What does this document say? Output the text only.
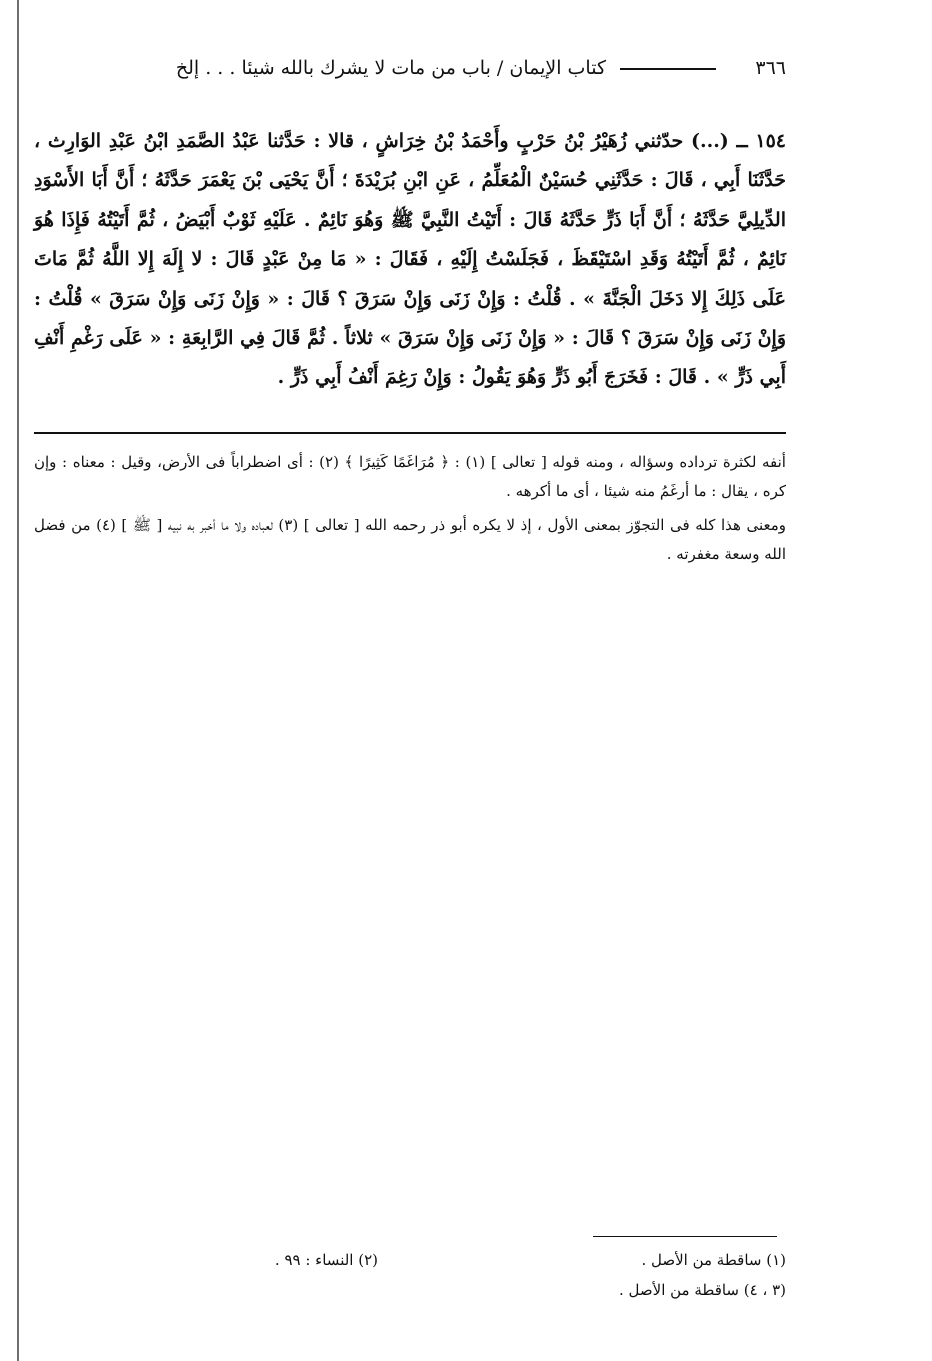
٣٦٦
كتاب الإيمان / باب من مات لا يشرك بالله شيئا . . . إلخ
١٥٤ ــ (...) حدّثني زُهَيْرُ بْنُ حَرْبٍ وأَحْمَدُ بْنُ خِرَاشٍ ، قالا : حَدَّثنا عَبْدُ الصَّمَدِ ابْنُ عَبْدِ الوَارِث ، حَدَّثَنَا أَبِي ، قَالَ : حَدَّثَنِي حُسَيْنٌ الْمُعَلِّمُ ، عَنِ ابْنِ بُرَيْدَةَ ؛ أَنَّ يَحْيَى بْنَ يَعْمَرَ حَدَّثَهُ ؛ أَنَّ أَبَا الأَسْوَدِ الدِّيلِيَّ حَدَّثَهُ ؛ أَنَّ أَبَا ذَرٍّ حَدَّثَهُ قَالَ : أَتَيْتُ النَّبِيَّ ﷺ وَهُوَ نَائِمٌ . عَلَيْهِ ثَوْبٌ أَبْيَضُ ، ثُمَّ أَتَيْتُهُ فَإِذَا هُوَ نَائِمٌ ، ثُمَّ أَتَيْتُهُ وَقَدِ اسْتَيْقَظَ ، فَجَلَسْتُ إِلَيْهِ ، فَقَالَ : « مَا مِنْ عَبْدٍ قَالَ : لا إِلَهَ إِلا اللَّهُ ثُمَّ مَاتَ عَلَى ذَلِكَ إِلا دَخَلَ الْجَنَّةَ » . قُلْتُ : وَإِنْ زَنَى وَإِنْ سَرَقَ ؟ قَالَ : « وَإِنْ زَنَى وَإِنْ سَرَقَ » قُلْتُ : وَإِنْ زَنَى وَإِنْ سَرَقَ ؟ قَالَ : « وَإِنْ زَنَى وَإِنْ سَرَقَ » ثلاثاً . ثُمَّ قَالَ فِي الرَّابِعَةِ : « عَلَى رَغْمِ أَنْفِ أَبِي ذَرٍّ » . قَالَ : فَخَرَجَ أَبُو ذَرٍّ وَهُوَ يَقُولُ : وَإِنْ رَغِمَ أَنْفُ أَبِي ذَرٍّ .

أنفه لكثرة ترداده وسؤاله ، ومنه قوله [ تعالى ] (١) : ﴿ مُرَاغَمًا كَثِيرًا ﴾ (٢) : أى اضطراباً فى الأرض، وقيل : معناه : وإن كره ، يقال : ما أرغَمُ منه شيئا ، أى ما أكرهه .

ومعنى هذا كله فى التجوّز بمعنى الأول ، إذ لا يكره أبو ذر رحمه الله [ تعالى ] (٣) لعباده ولا ما أخبر به نبيه [ ﷺ ] (٤) من فضل الله وسعة مغفرته .

(١) ساقطة من الأصل .
(٢) النساء : ٩٩ .
(٣ ، ٤) ساقطة من الأصل .
